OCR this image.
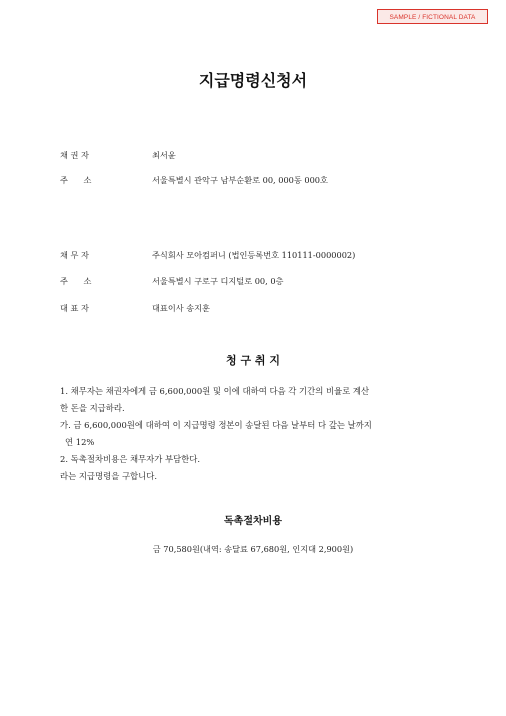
SAMPLE / FICTIONAL DATA
지급명령신청서
채 권 자	최서윤
주      소	서울특별시 관악구 남부순환로 00, 000동 000호
채 무 자	주식회사 모아컴퍼니 (법인등록번호 110111-0000002)
주      소	서울특별시 구로구 디지털로 00, 0층
대 표 자	대표이사 송지훈
청 구 취 지
1. 채무자는 채권자에게 금 6,600,000원 및 이에 대하여 다음 각 기간의 비율로 계산
한 돈을 지급하라.
가. 금 6,600,000원에 대하여 이 지급명령 정본이 송달된 다음 날부터 다 갚는 날까지
연 12%
2. 독촉절차비용은 채무자가 부담한다.
라는 지급명령을 구합니다.
독촉절차비용
금 70,580원(내역: 송달료 67,680원, 인지대 2,900원)
